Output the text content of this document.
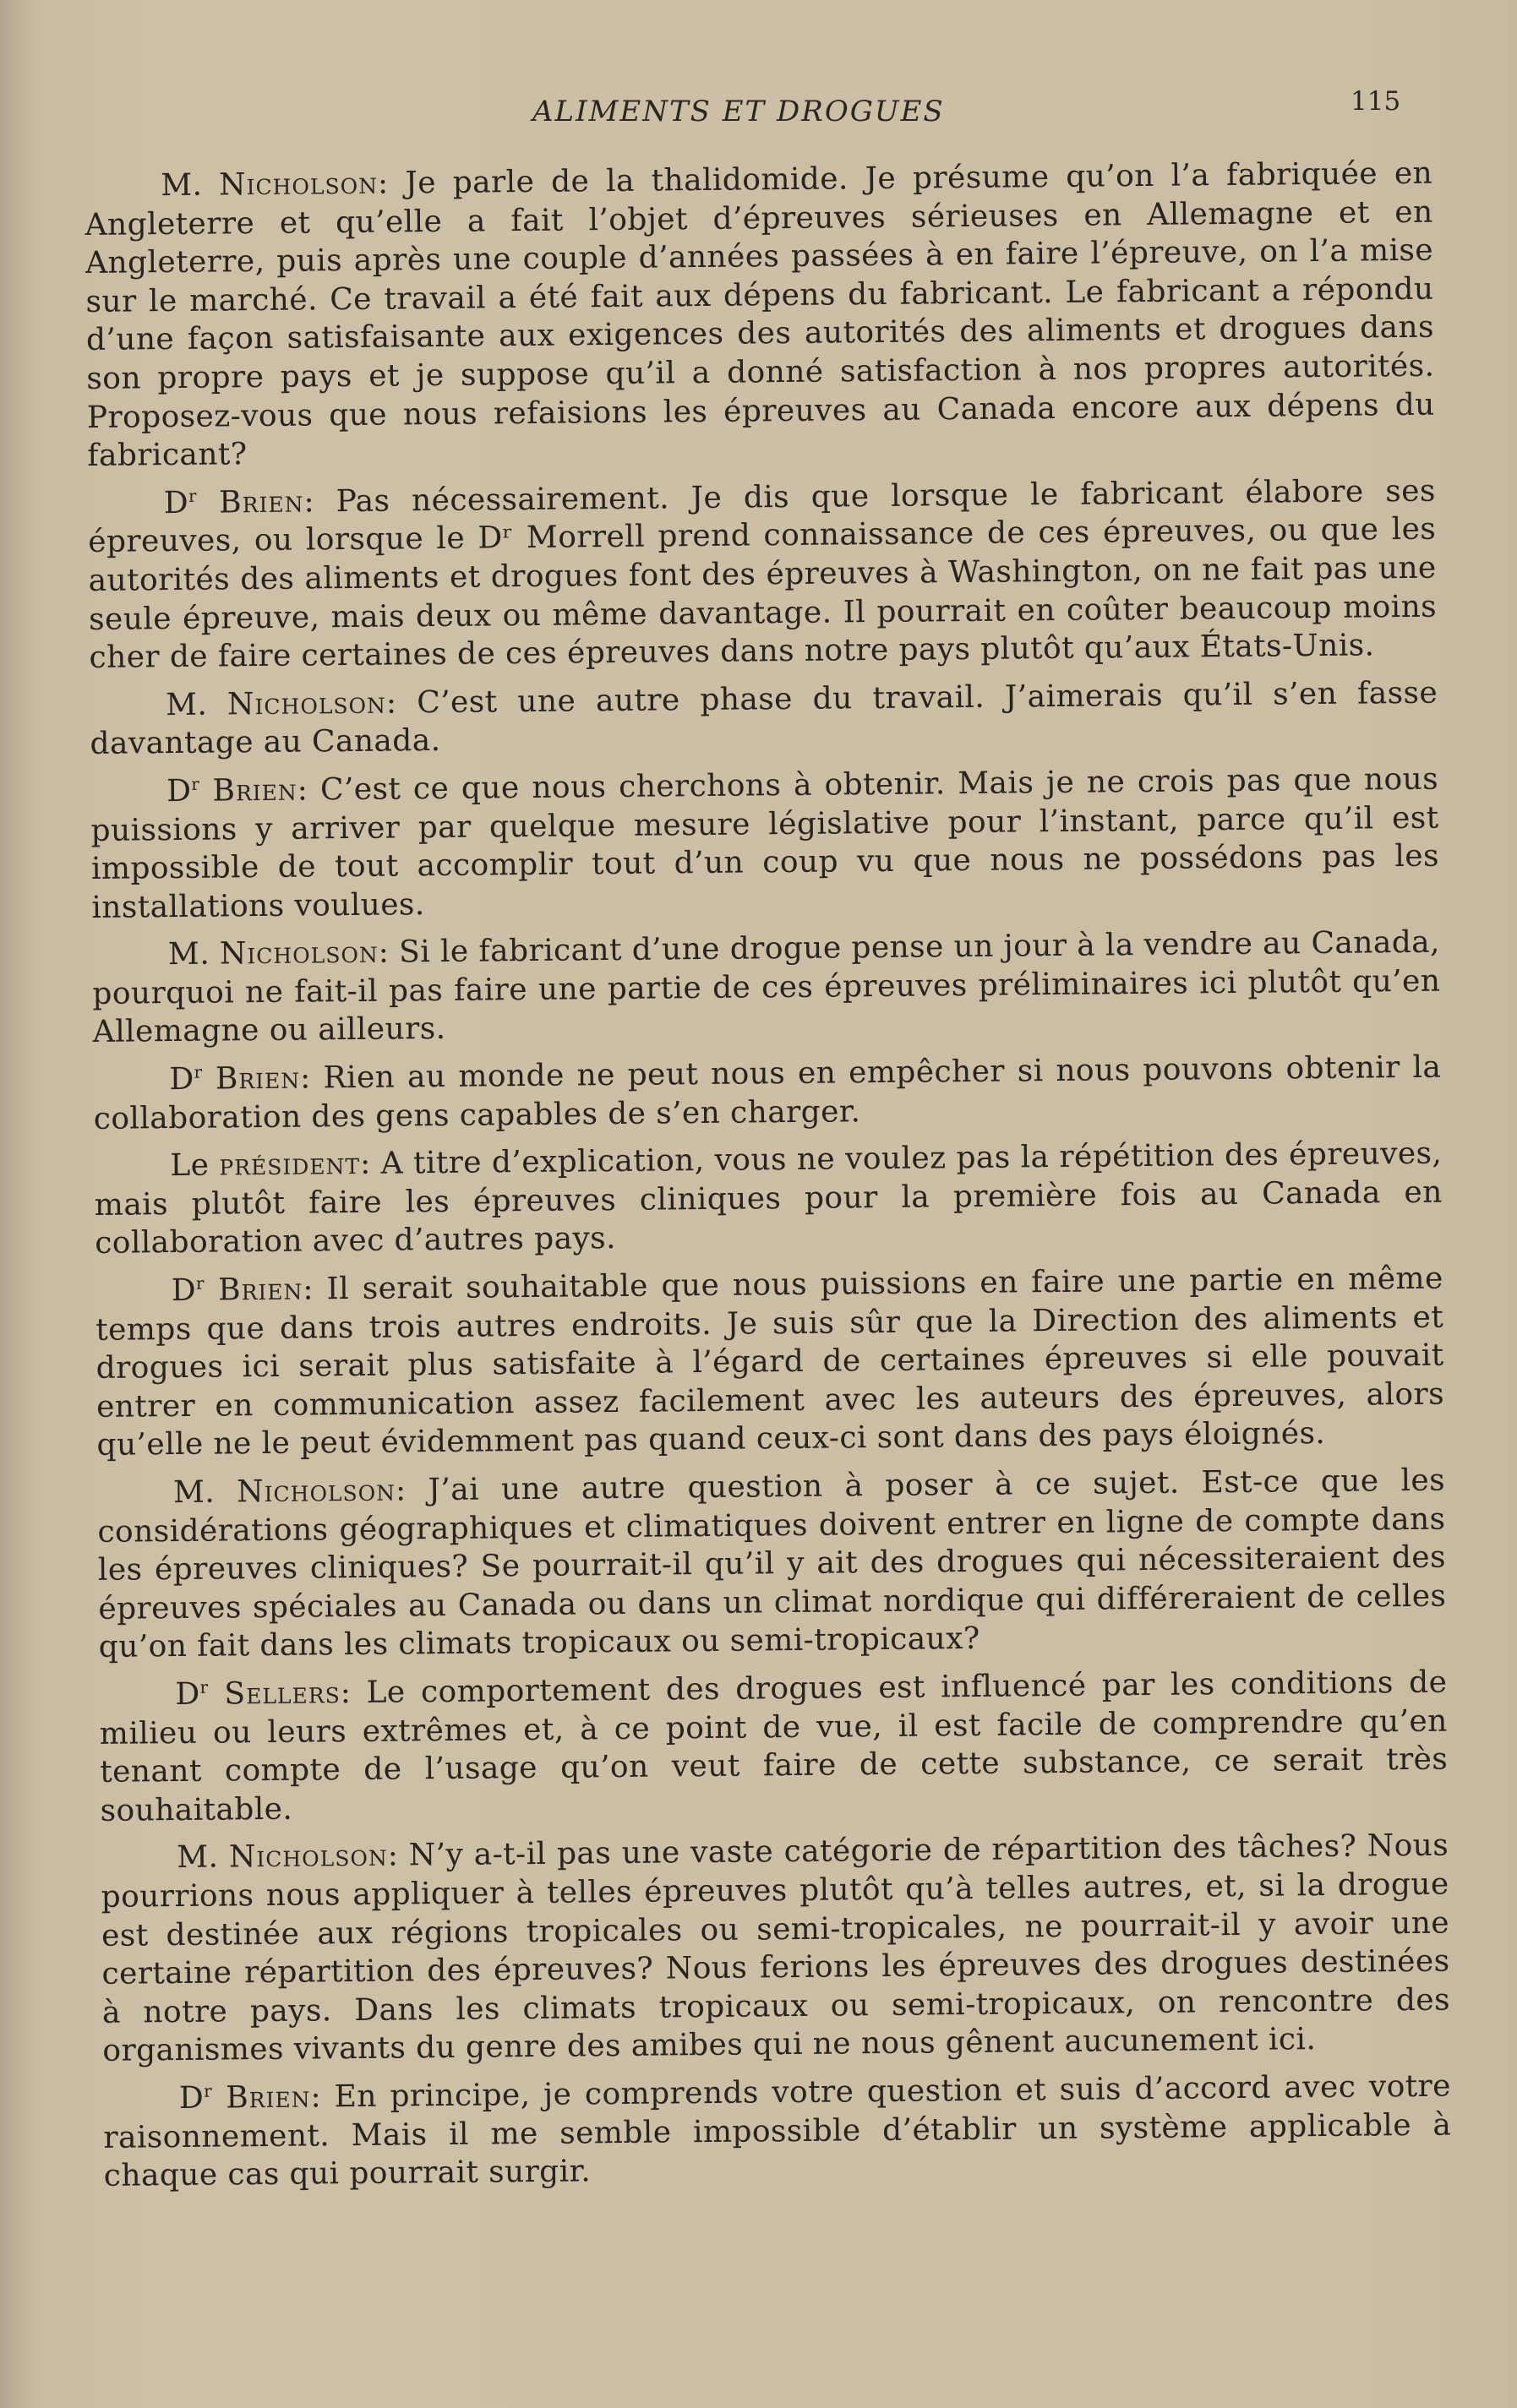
ALIMENTS ET DROGUES	115

M. Nicholson: Je parle de la thalidomide. Je présume qu’on l’a fabriquée en Angleterre et qu’elle a fait l’objet d’épreuves sérieuses en Allemagne et en Angleterre, puis après une couple d’années passées à en faire l’épreuve, on l’a mise sur le marché. Ce travail a été fait aux dépens du fabricant. Le fabricant a répondu d’une façon satisfaisante aux exigences des autorités des aliments et drogues dans son propre pays et je suppose qu’il a donné satisfaction à nos propres autorités. Proposez-vous que nous refaisions les épreuves au Canada encore aux dépens du fabricant?

$D^r$ Brien: Pas nécessairement. Je dis que lorsque le fabricant élabore ses épreuves, ou lorsque le Dʳ Morrell prend connaissance de ces épreuves, ou que les autorités des aliments et drogues font des épreuves à Washington, on ne fait pas une seule épreuve, mais deux ou même davantage. Il pourrait en coûter beaucoup moins cher de faire certaines de ces épreuves dans notre pays plutôt qu’aux États-Unis.

M. Nicholson: C’est une autre phase du travail. J’aimerais qu’il s’en fasse davantage au Canada.

$D^r$ Brien: C’est ce que nous cherchons à obtenir. Mais je ne crois pas que nous puissions y arriver par quelque mesure législative pour l’instant, parce qu’il est impossible de tout accomplir tout d’un coup vu que nous ne possédons pas les installations voulues.

M. Nicholson: Si le fabricant d’une drogue pense un jour à la vendre au Canada, pourquoi ne fait-il pas faire une partie de ces épreuves préliminaires ici plutôt qu’en Allemagne ou ailleurs.

$D^r$ Brien: Rien au monde ne peut nous en empêcher si nous pouvons obtenir la collaboration des gens capables de s’en charger.

Le président: A titre d’explication, vous ne voulez pas la répétition des épreuves, mais plutôt faire les épreuves cliniques pour la première fois au Canada en collaboration avec d’autres pays.

$D^r$ Brien: Il serait souhaitable que nous puissions en faire une partie en même temps que dans trois autres endroits. Je suis sûr que la Direction des aliments et drogues ici serait plus satisfaite à l’égard de certaines épreuves si elle pouvait entrer en communication assez facilement avec les auteurs des épreuves, alors qu’elle ne le peut évidemment pas quand ceux-ci sont dans des pays éloignés.

M. Nicholson: J’ai une autre question à poser à ce sujet. Est-ce que les considérations géographiques et climatiques doivent entrer en ligne de compte dans les épreuves cliniques? Se pourrait-il qu’il y ait des drogues qui nécessiteraient des épreuves spéciales au Canada ou dans un climat nordique qui différeraient de celles qu’on fait dans les climats tropicaux ou semi-tropicaux?

$D^r$ Sellers: Le comportement des drogues est influencé par les conditions de milieu ou leurs extrêmes et, à ce point de vue, il est facile de comprendre qu’en tenant compte de l’usage qu’on veut faire de cette substance, ce serait très souhaitable.

M. Nicholson: N’y a-t-il pas une vaste catégorie de répartition des tâches? Nous pourrions nous appliquer à telles épreuves plutôt qu’à telles autres, et, si la drogue est destinée aux régions tropicales ou semi-tropicales, ne pourrait-il y avoir une certaine répartition des épreuves? Nous ferions les épreuves des drogues destinées à notre pays. Dans les climats tropicaux ou semi-tropicaux, on rencontre des organismes vivants du genre des amibes qui ne nous gênent aucunement ici.

$D^r$ Brien: En principe, je comprends votre question et suis d’accord avec votre raisonnement. Mais il me semble impossible d’établir un système applicable à chaque cas qui pourrait surgir.
